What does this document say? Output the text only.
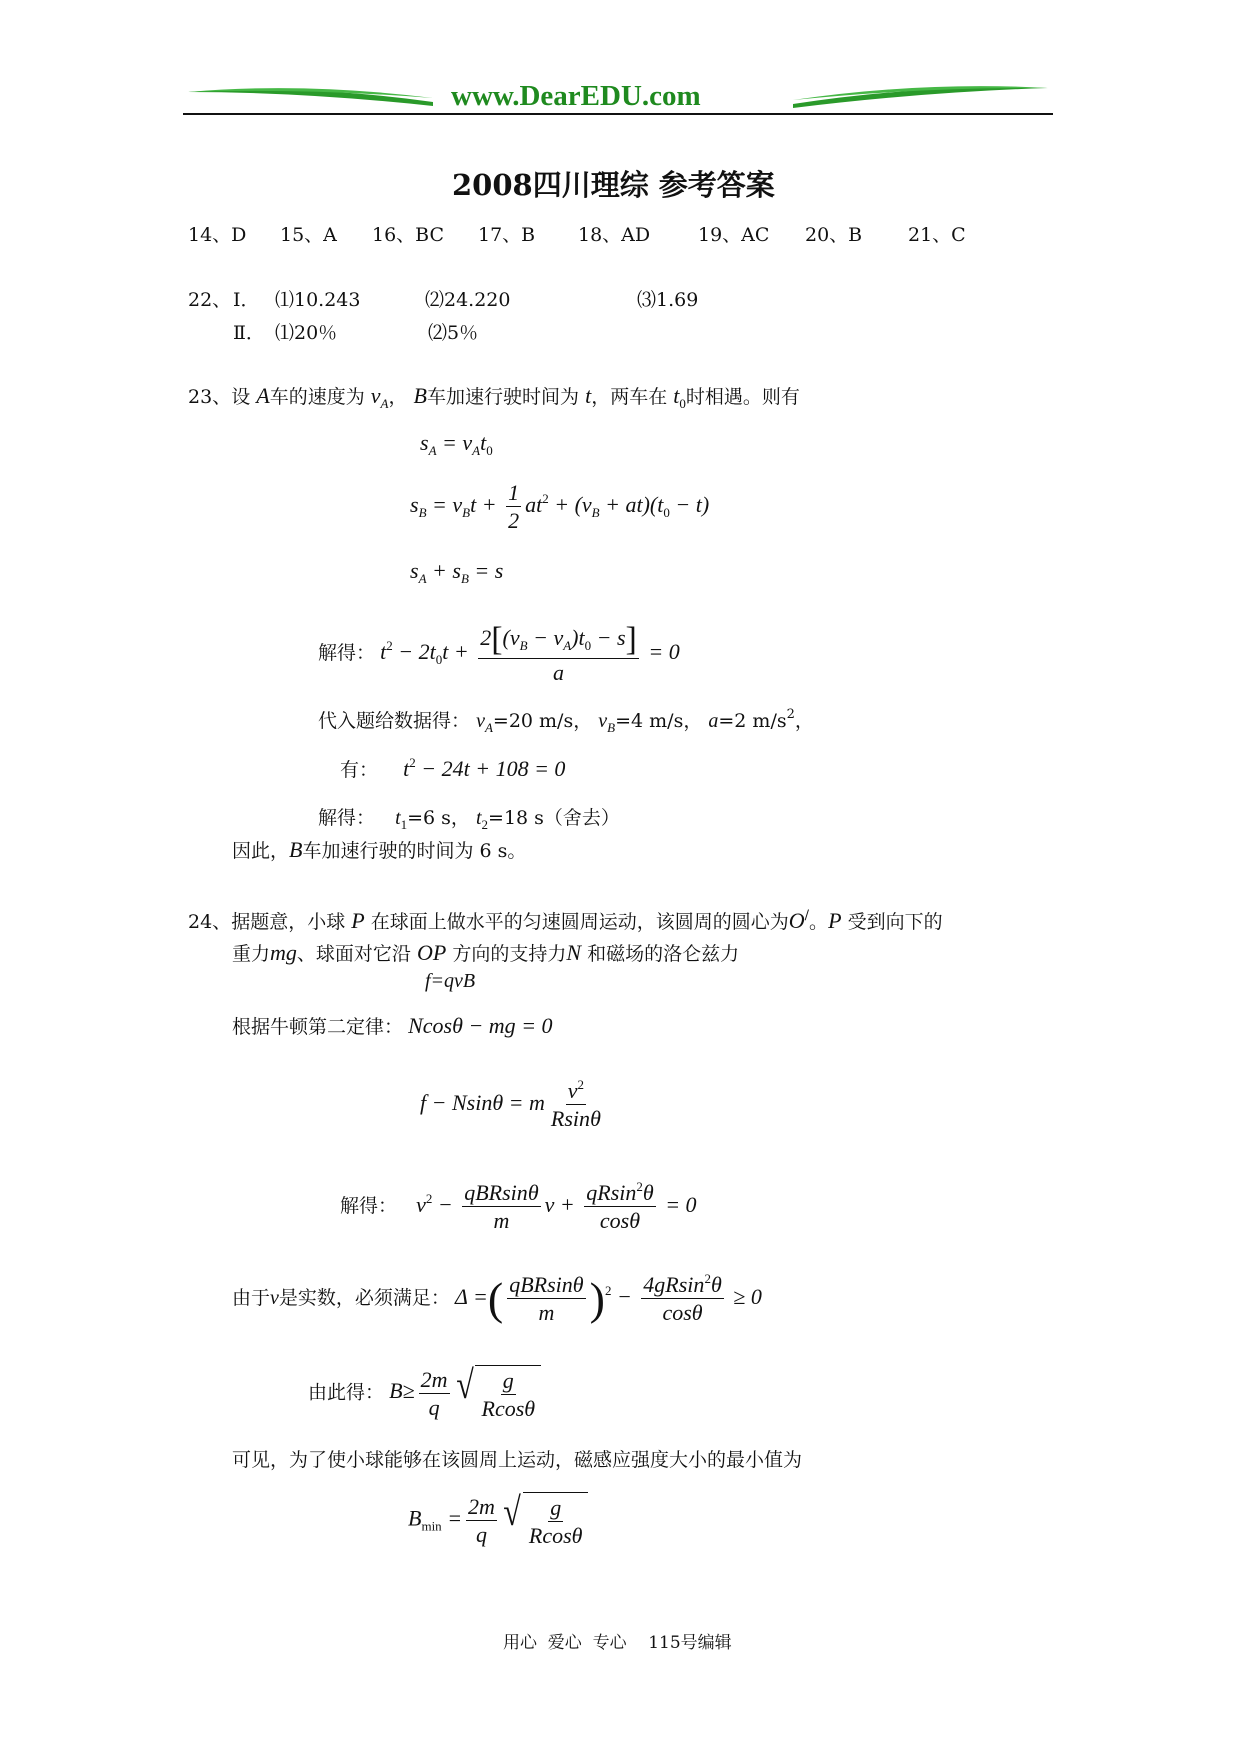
www.DearEDU.com
2008四川理综 参考答案
14、D 15、A 16、BC 17、B 18、AD	19、AC 20、B 21、C
22、 Ⅰ． ⑴10.243	⑵24.220	⑶1.69
Ⅱ． ⑴20％	⑵5％
23、设 A车的速度为 $v_A$， B车加速行驶时间为 t，两车在 $t_0$时相遇。则有
$s_A = v_At_0$
$s_B = v_Bt + \frac{1}{2} at^2 + (v_B + at)(t_0 - t)$
$s_A + s_B = s$
解得： $t^2 - 2t_0t + \frac{2[(v_B - v_A)t_0 - s]}{a} = 0$
代入题给数据得： $v_A=20$ m/s， $v_B=4$ m/s， a=2 $m/s^2$，
有： $t^2 - 24t + 108 = 0$
解得： $t_1=6$ s， $t_2=18$ s（舍去）
因此，B车加速行驶的时间为 6 s。
24、据题意，小球 P 在球面上做水平的匀速圆周运动，该圆周的圆心为O/。P 受到向下的
重力mg、球面对它沿 OP 方向的支持力N 和磁场的洛仑兹力
f=qvB
根据牛顿第二定律： Ncosθ − mg = 0
f − Nsinθ = m $\frac{v^2}{Rsin\theta}$
解得： $v^2 - \frac{\text{qBRsinθ}}{m}$ $v + \frac{qRsin^2\theta}{\cos\theta} = 0$
由于v是实数，必须满足： Δ =( $\frac{\text{qBRsinθ}}{m} )^2 - \frac{4gRsin^2\theta}{\cos\theta} \ge 0$
由此得： $B\ge \frac{2m}{q}$ √ $\frac{g}{Rcos\theta}$
可见，为了使小球能够在该圆周上运动，磁感应强度大小的最小值为
$B_{min} = \frac{2m}{q}$ √ $\frac{g}{Rcos\theta}$
用心  爱心  专心    115号编辑
